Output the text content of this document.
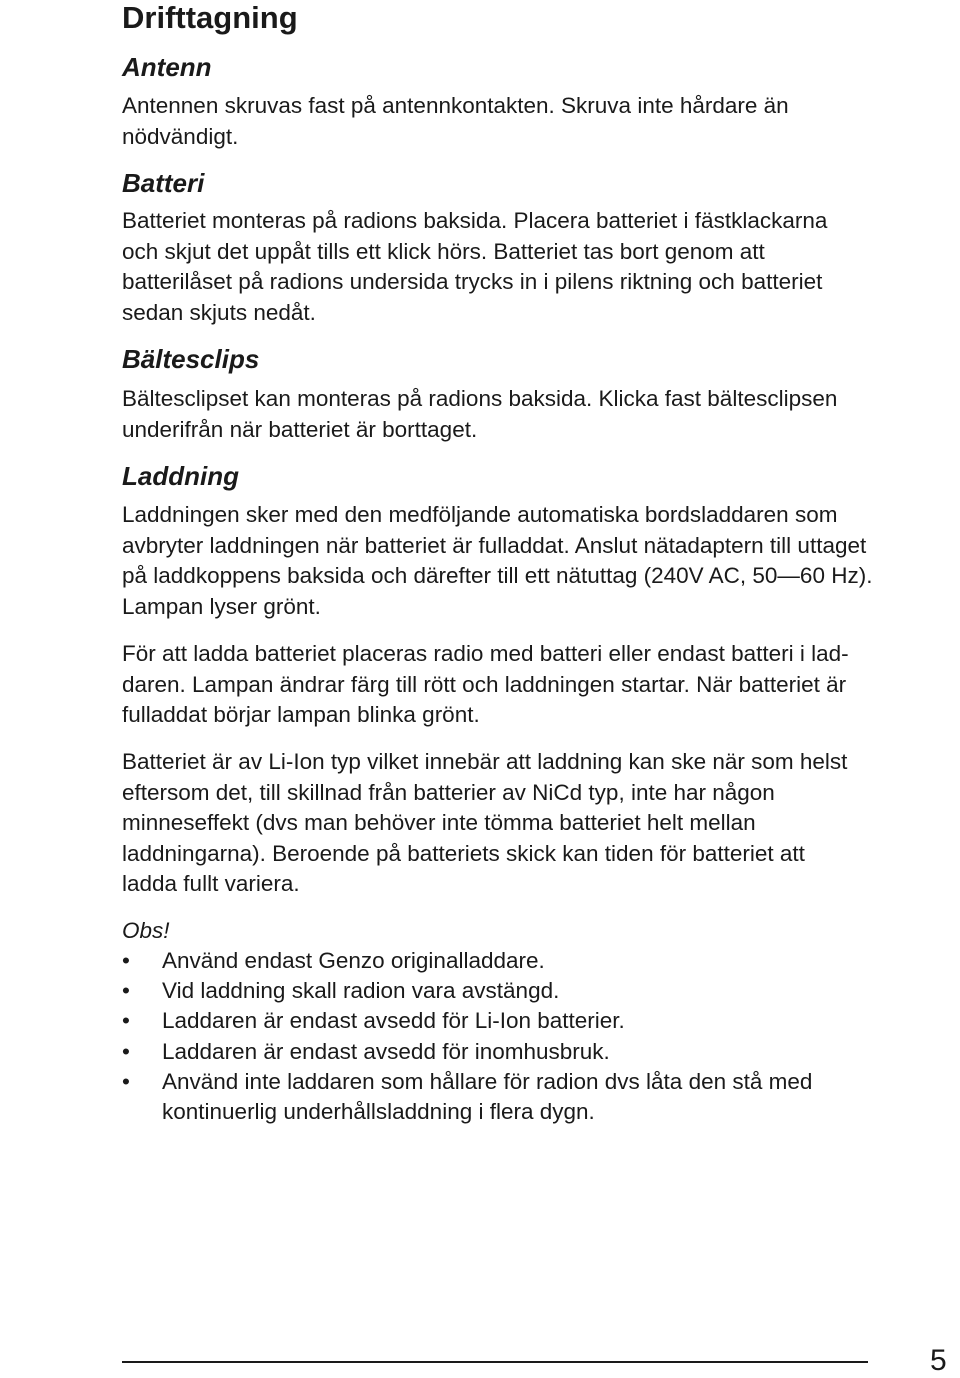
Drifttagning
Antenn

Antennen skruvas fast på antennkontakten. Skruva inte hårdare än
nödvändigt.

Batteri

Batteriet monteras på radions baksida. Placera batteriet i fästklackarna
och skjut det uppåt tills ett klick hörs. Batteriet tas bort genom att
batterilåset på radions undersida trycks in i pilens riktning och batteriet
sedan skjuts nedåt.

Bältesclips

Bältesclipset kan monteras på radions baksida. Klicka fast bältesclipsen
underifrån när batteriet är borttaget.

Laddning

Laddningen sker med den medföljande automatiska bordsladdaren som
avbryter laddningen när batteriet är fulladdat. Anslut nätadaptern till uttaget
på laddkoppens baksida och därefter till ett nätuttag (240V AC, 50—60 Hz).
Lampan lyser grönt.

För att ladda batteriet placeras radio med batteri eller endast batteri i lad-
daren. Lampan ändrar färg till rött och laddningen startar. När batteriet är
fulladdat börjar lampan blinka grönt.

Batteriet är av Li-Ion typ vilket innebär att laddning kan ske när som helst
eftersom det, till skillnad från batterier av NiCd typ, inte har någon
minneseffekt (dvs man behöver inte tömma batteriet helt mellan
laddningarna). Beroende på batteriets skick kan tiden för batteriet att
ladda fullt variera.

Obs!

• Använd endast Genzo originalladdare.
• Vid laddning skall radion vara avstängd.
• Laddaren är endast avsedd för Li-Ion batterier.
• Laddaren är endast avsedd för inomhusbruk.
• Använd inte laddaren som hållare för radion dvs låta den stå med
kontinuerlig underhållsladdning i flera dygn.
5
